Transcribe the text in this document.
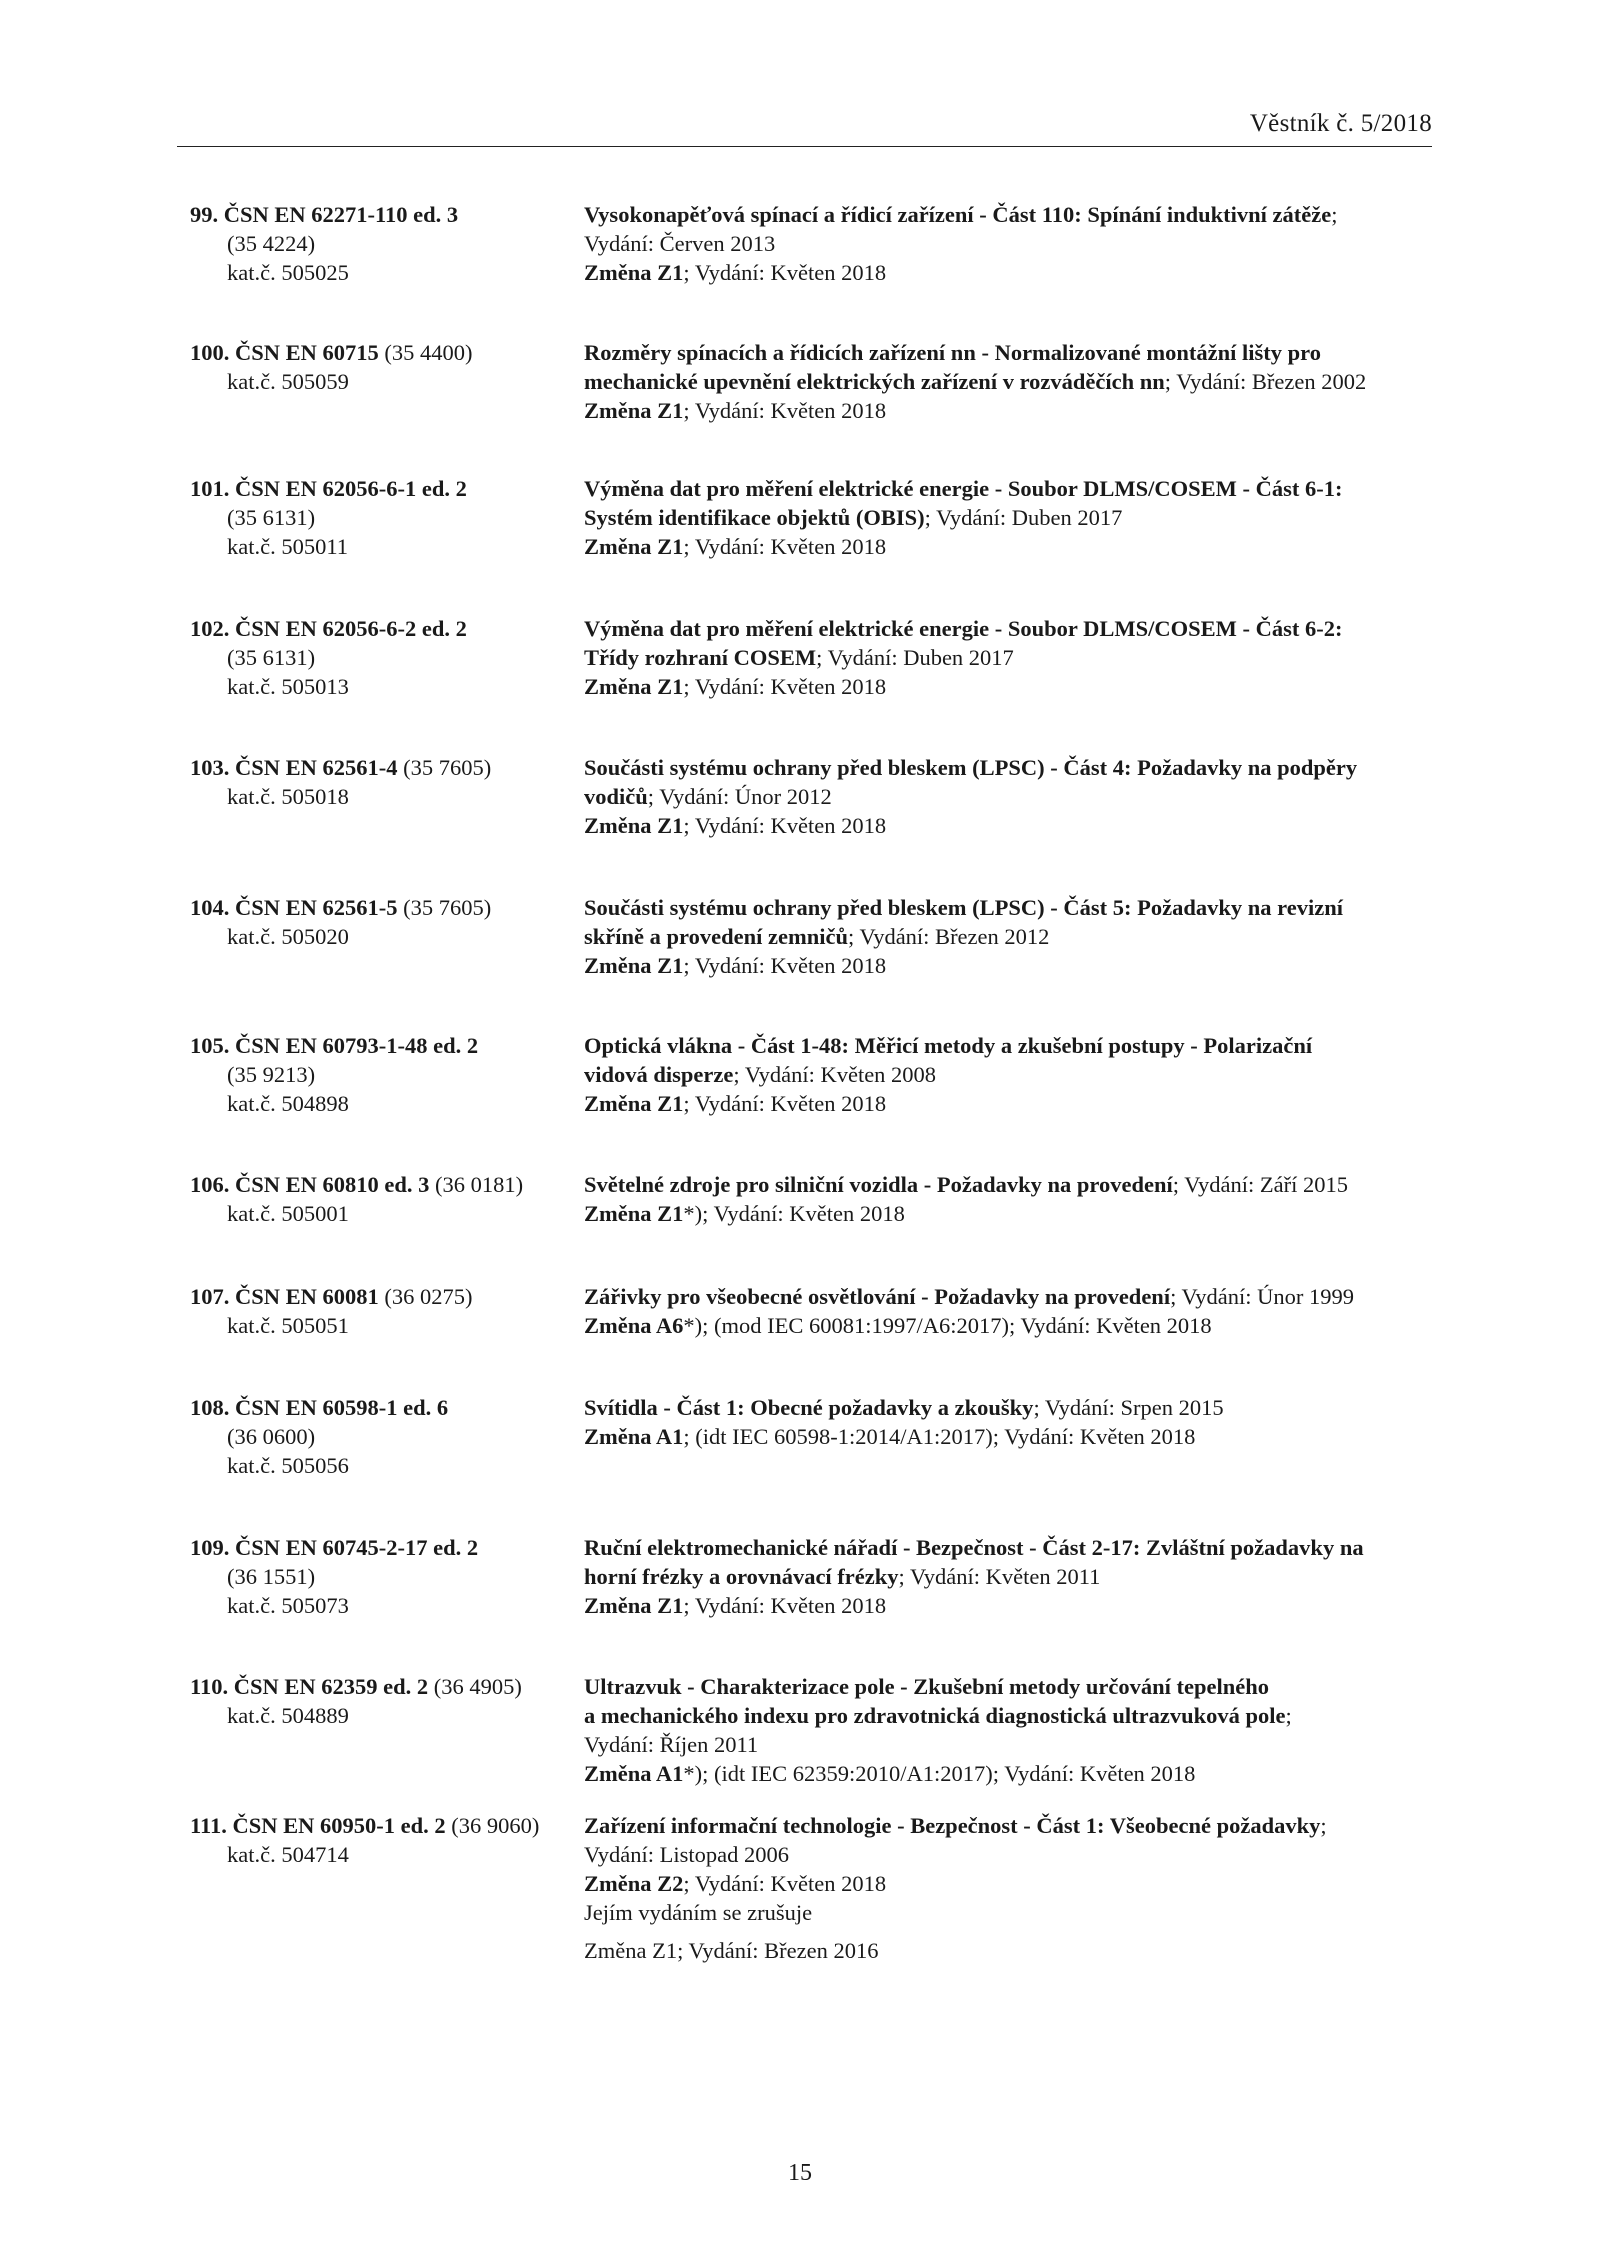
Věstník č. 5/2018
99. ČSN EN 62271-110 ed. 3
(35 4224)
kat.č. 505025
Vysokonapěťová spínací a řídicí zařízení - Část 110: Spínání induktivní zátěže;
Vydání: Červen 2013
Změna Z1; Vydání: Květen 2018
100. ČSN EN 60715 (35 4400)
kat.č. 505059
Rozměry spínacích a řídicích zařízení nn - Normalizované montážní lišty pro
mechanické upevnění elektrických zařízení v rozváděčích nn; Vydání: Březen 2002
Změna Z1; Vydání: Květen 2018
101. ČSN EN 62056-6-1 ed. 2
(35 6131)
kat.č. 505011
Výměna dat pro měření elektrické energie - Soubor DLMS/COSEM - Část 6-1:
Systém identifikace objektů (OBIS); Vydání: Duben 2017
Změna Z1; Vydání: Květen 2018
102. ČSN EN 62056-6-2 ed. 2
(35 6131)
kat.č. 505013
Výměna dat pro měření elektrické energie - Soubor DLMS/COSEM - Část 6-2:
Třídy rozhraní COSEM; Vydání: Duben 2017
Změna Z1; Vydání: Květen 2018
103. ČSN EN 62561-4 (35 7605)
kat.č. 505018
Součásti systému ochrany před bleskem (LPSC) - Část 4: Požadavky na podpěry
vodičů; Vydání: Únor 2012
Změna Z1; Vydání: Květen 2018
104. ČSN EN 62561-5 (35 7605)
kat.č. 505020
Součásti systému ochrany před bleskem (LPSC) - Část 5: Požadavky na revizní
skříně a provedení zemničů; Vydání: Březen 2012
Změna Z1; Vydání: Květen 2018
105. ČSN EN 60793-1-48 ed. 2
(35 9213)
kat.č. 504898
Optická vlákna - Část 1-48: Měřicí metody a zkušební postupy - Polarizační
vidová disperze; Vydání: Květen 2008
Změna Z1; Vydání: Květen 2018
106. ČSN EN 60810 ed. 3 (36 0181)
kat.č. 505001
Světelné zdroje pro silniční vozidla - Požadavky na provedení; Vydání: Září 2015
Změna Z1*); Vydání: Květen 2018
107. ČSN EN 60081 (36 0275)
kat.č. 505051
Zářivky pro všeobecné osvětlování - Požadavky na provedení; Vydání: Únor 1999
Změna A6*); (mod IEC 60081:1997/A6:2017); Vydání: Květen 2018
108. ČSN EN 60598-1 ed. 6
(36 0600)
kat.č. 505056
Svítidla - Část 1: Obecné požadavky a zkoušky; Vydání: Srpen 2015
Změna A1; (idt IEC 60598-1:2014/A1:2017); Vydání: Květen 2018
109. ČSN EN 60745-2-17 ed. 2
(36 1551)
kat.č. 505073
Ruční elektromechanické nářadí - Bezpečnost - Část 2-17: Zvláštní požadavky na
horní frézky a orovnávací frézky; Vydání: Květen 2011
Změna Z1; Vydání: Květen 2018
110. ČSN EN 62359 ed. 2 (36 4905)
kat.č. 504889
Ultrazvuk - Charakterizace pole - Zkušební metody určování tepelného
a mechanického indexu pro zdravotnická diagnostická ultrazvuková pole;
Vydání: Říjen 2011
Změna A1*); (idt IEC 62359:2010/A1:2017); Vydání: Květen 2018
111. ČSN EN 60950-1 ed. 2 (36 9060)
kat.č. 504714
Zařízení informační technologie - Bezpečnost - Část 1: Všeobecné požadavky;
Vydání: Listopad 2006
Změna Z2; Vydání: Květen 2018
Jejím vydáním se zrušuje
Změna Z1; Vydání: Březen 2016
15
